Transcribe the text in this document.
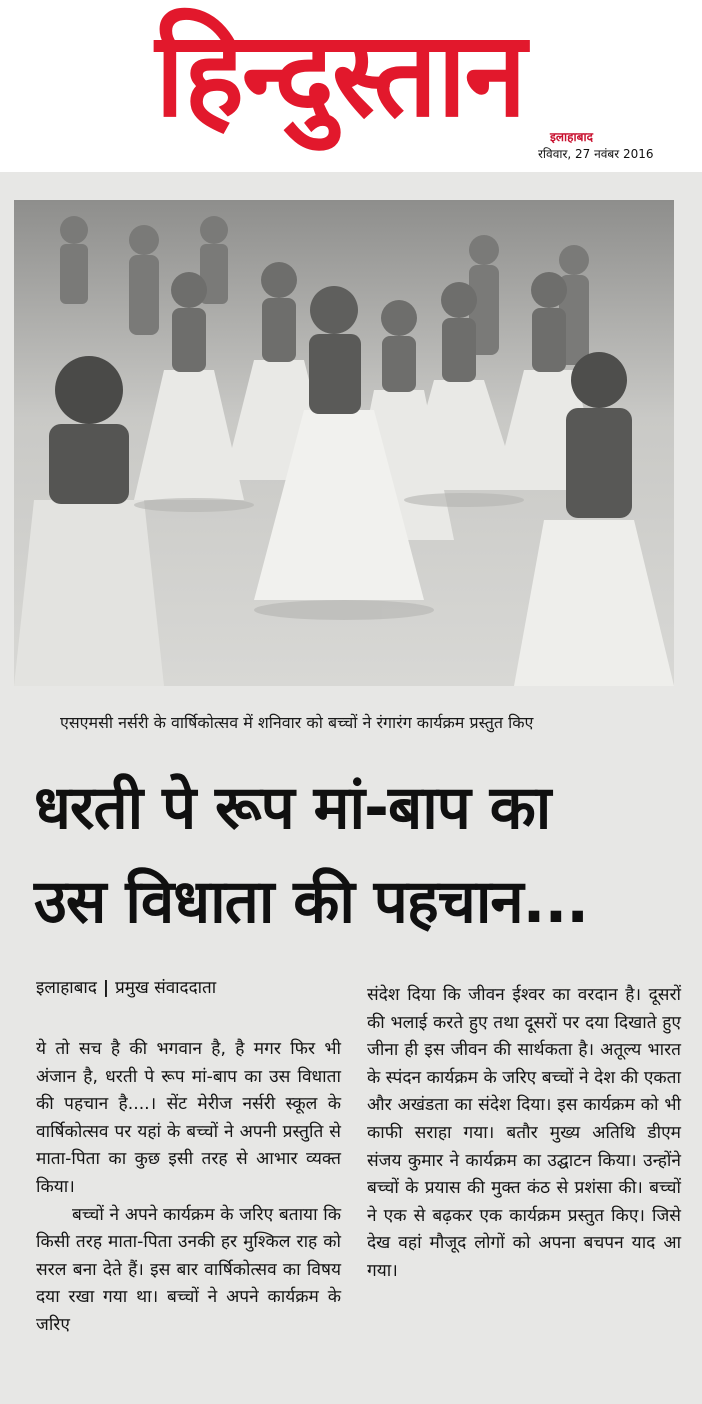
हिन्दुस्तान	इलाहाबाद
रविवार, 27 नवंबर 2016
एसएमसी नर्सरी के वार्षिकोत्सव में शनिवार को बच्चों ने रंगारंग कार्यक्रम प्रस्तुत किए
धरती पे रूप मां-बाप का
उस विधाता की पहचान...
इलाहाबाद | प्रमुख संवाददाता

ये तो सच है की भगवान है, है मगर फिर भी अंजान है, धरती पे रूप मां-बाप का उस विधाता की पहचान है....। सेंट मेरीज नर्सरी स्कूल के वार्षिकोत्सव पर यहां के बच्चों ने अपनी प्रस्तुति से माता-पिता का कुछ इसी तरह से आभार व्यक्त किया।

बच्चों ने अपने कार्यक्रम के जरिए बताया कि किसी तरह माता-पिता उनकी हर मुश्किल राह को सरल बना देते हैं। इस बार वार्षिकोत्सव का विषय दया रखा गया था। बच्चों ने अपने कार्यक्रम के जरिए

संदेश दिया कि जीवन ईश्वर का वरदान है। दूसरों की भलाई करते हुए तथा दूसरों पर दया दिखाते हुए जीना ही इस जीवन की सार्थकता है। अतूल्य भारत के स्पंदन कार्यक्रम के जरिए बच्चों ने देश की एकता और अखंडता का संदेश दिया। इस कार्यक्रम को भी काफी सराहा गया। बतौर मुख्य अतिथि डीएम संजय कुमार ने कार्यक्रम का उद्घाटन किया। उन्होंने बच्चों के प्रयास की मुक्त कंठ से प्रशंसा की। बच्चों ने एक से बढ़कर एक कार्यक्रम प्रस्तुत किए। जिसे देख वहां मौजूद लोगों को अपना बचपन याद आ गया।
